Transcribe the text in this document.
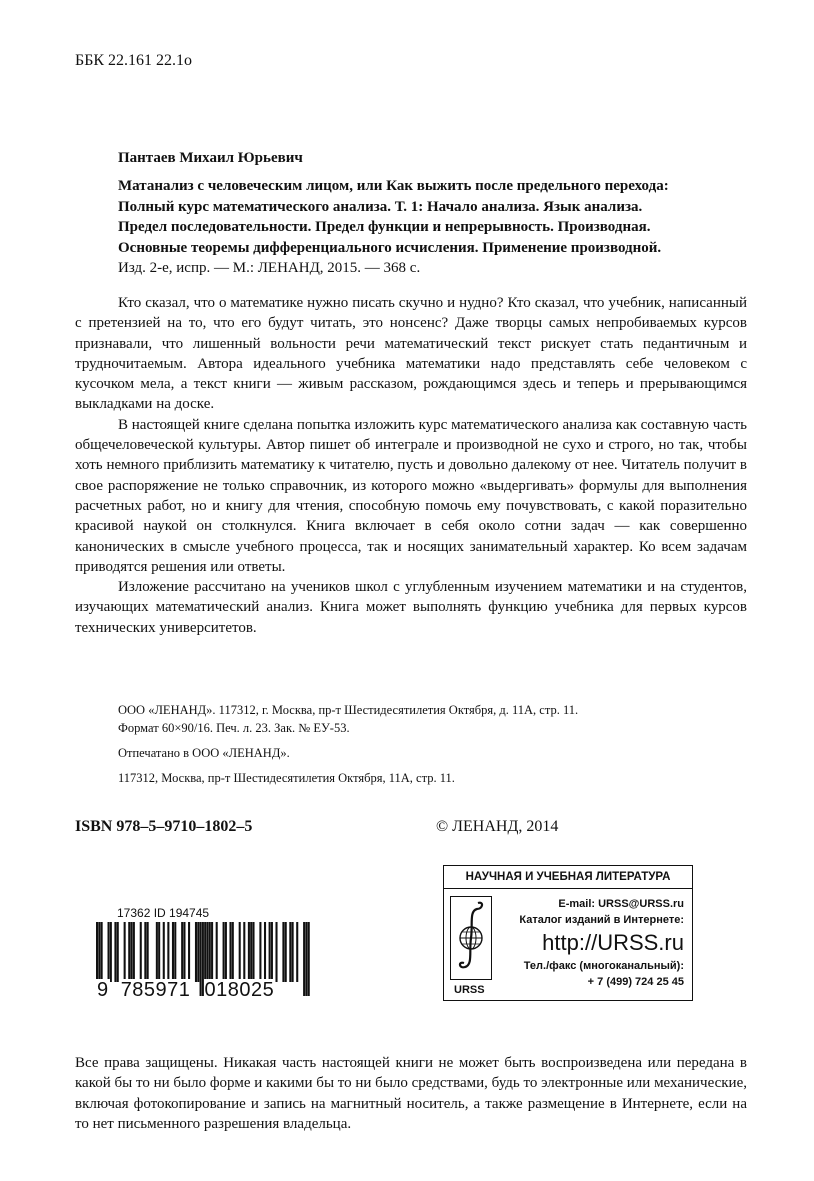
ББК 22.161 22.1о
Пантаев Михаил Юрьевич
Матанализ с человеческим лицом, или Как выжить после предельного перехода:
Полный курс математического анализа. Т. 1: Начало анализа. Язык анализа.
Предел последовательности. Предел функции и непрерывность. Производная.
Основные теоремы дифференциального исчисления. Применение производной.
Изд. 2-е, испр. — М.: ЛЕНАНД, 2015. — 368 с.

Кто сказал, что о математике нужно писать скучно и нудно? Кто сказал, что учебник, написанный с претензией на то, что его будут читать, это нонсенс? Даже творцы самых непробиваемых курсов признавали, что лишенный вольности речи математический текст рискует стать педантичным и трудночитаемым. Автора идеального учебника математики надо представлять себе человеком с кусочком мела, а текст книги — живым рассказом, рождающимся здесь и теперь и прерывающимся выкладками на доске.

В настоящей книге сделана попытка изложить курс математического анализа как составную часть общечеловеческой культуры. Автор пишет об интеграле и производной не сухо и строго, но так, чтобы хоть немного приблизить математику к читателю, пусть и довольно далекому от нее. Читатель получит в свое распоряжение не только справочник, из которого можно «выдергивать» формулы для выполнения расчетных работ, но и книгу для чтения, способную помочь ему почувствовать, с какой поразительно красивой наукой он столкнулся. Книга включает в себя около сотни задач — как совершенно канонических в смысле учебного процесса, так и носящих занимательный характер. Ко всем задачам приводятся решения или ответы.

Изложение рассчитано на учеников школ с углубленным изучением математики и на студентов, изучающих математический анализ. Книга может выполнять функцию учебника для первых курсов технических университетов.

ООО «ЛЕНАНД». 117312, г. Москва, пр-т Шестидесятилетия Октября, д. 11А, стр. 11.
Формат 60×90/16. Печ. л. 23. Зак. № ЕУ-53.
Отпечатано в ООО «ЛЕНАНД».
117312, Москва, пр-т Шестидесятилетия Октября, 11А, стр. 11.
ISBN 978–5–9710–1802–5	© ЛЕНАНД, 2014
17362 ID 194745
9 785971 018025
НАУЧНАЯ И УЧЕБНАЯ ЛИТЕРАТУРА
URSS
E-mail: URSS@URSS.ru
Каталог изданий в Интернете:
http://URSS.ru
Тел./факс (многоканальный):
+ 7 (499) 724 25 45

Все права защищены. Никакая часть настоящей книги не может быть воспроизведена или передана в какой бы то ни было форме и какими бы то ни было средствами, будь то электронные или механические, включая фотокопирование и запись на магнитный носитель, а также размещение в Интернете, если на то нет письменного разрешения владельца.
